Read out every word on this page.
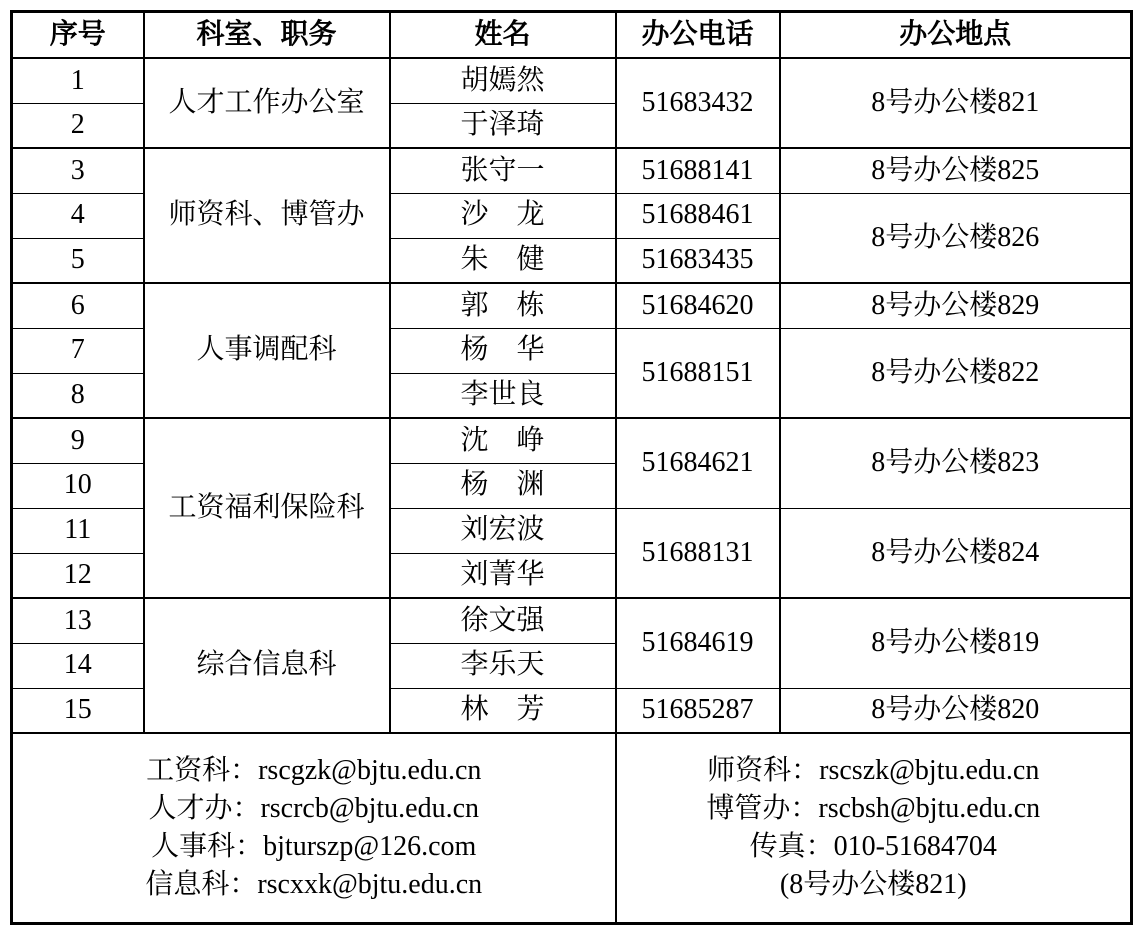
序号	科室、职务	姓名	办公电话	办公地点
1	人才工作办公室	胡嫣然	51683432	8号办公楼821
2		于泽琦		
3	师资科、博管办	张守一	51688141	8号办公楼825
4		沙　龙	51688461	8号办公楼826
5		朱　健	51683435	
6	人事调配科	郭　栋	51684620	8号办公楼829
7		杨　华	51688151	8号办公楼822
8		李世良		
9	工资福利保险科	沈　峥	51684621	8号办公楼823
10		杨　渊		
11		刘宏波	51688131	8号办公楼824
12		刘菁华		
13	综合信息科	徐文强	51684619	8号办公楼819
14		李乐天		
15		林　芳	51685287	8号办公楼820

工资科：rscgzk@bjtu.edu.cn
人才办：rscrcb@bjtu.edu.cn
人事科：bjturszp@126.com
信息科：rscxxk@bjtu.edu.cn

师资科：rscszk@bjtu.edu.cn
博管办：rscbsh@bjtu.edu.cn
传真：010-51684704
(8号办公楼821)
